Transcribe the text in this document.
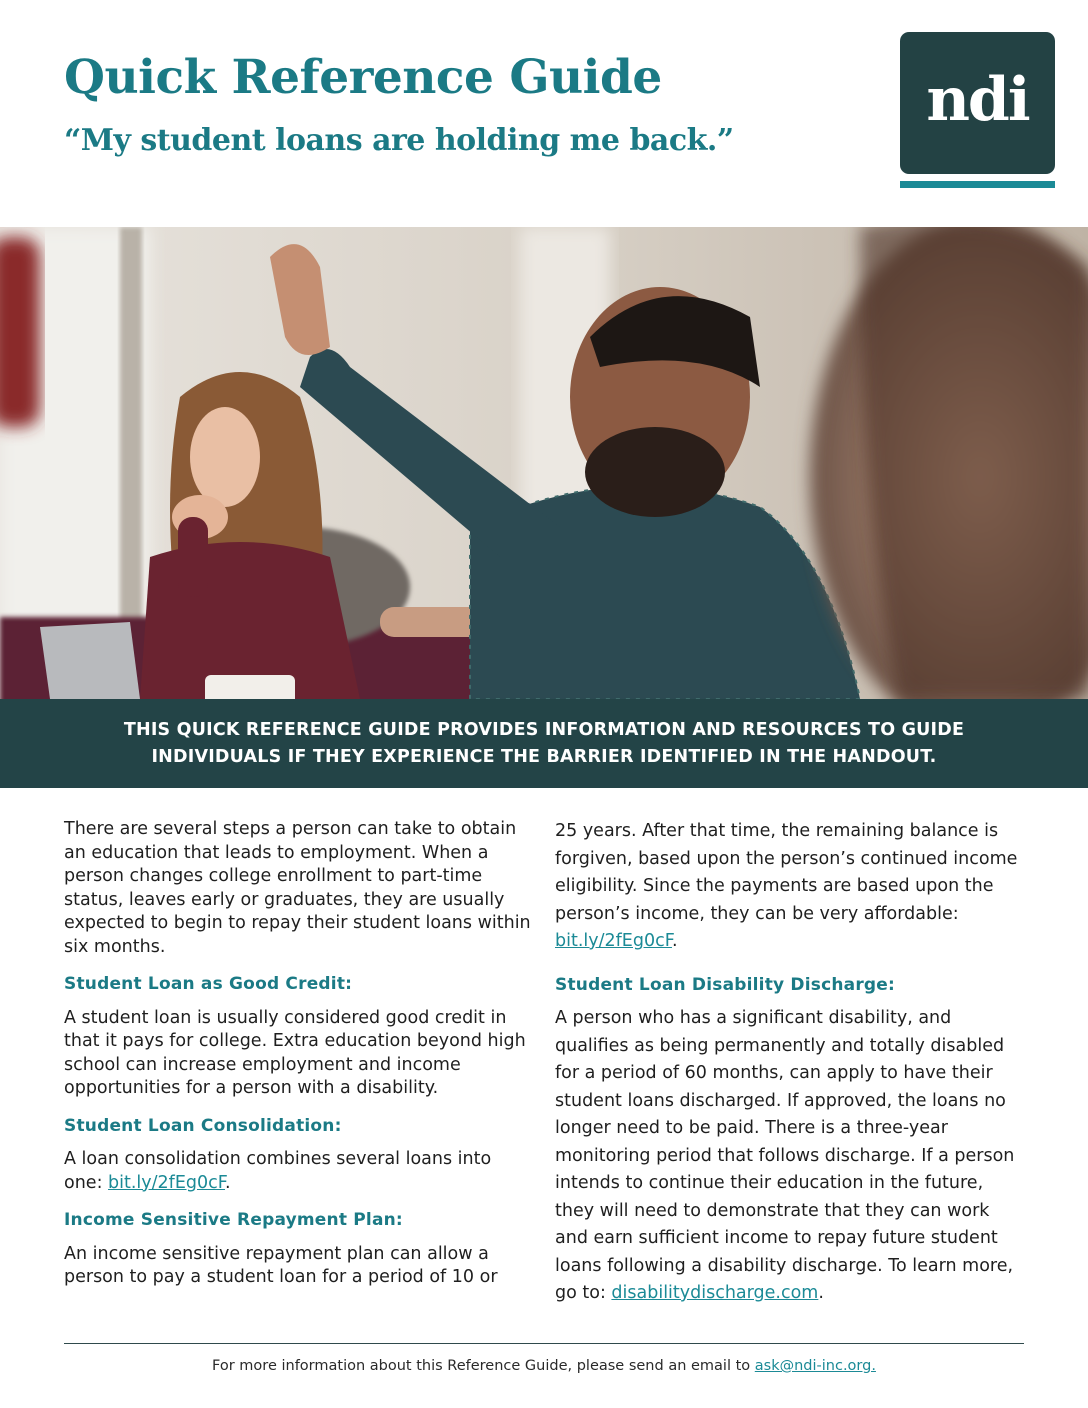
Quick Reference Guide
“My student loans are holding me back.”
ndi
THIS QUICK REFERENCE GUIDE PROVIDES INFORMATION AND RESOURCES TO GUIDE
INDIVIDUALS IF THEY EXPERIENCE THE BARRIER IDENTIFIED IN THE HANDOUT.

There are several steps a person can take to obtain an education that leads to employment. When a person changes college enrollment to part-time status, leaves early or graduates, they are usually expected to begin to repay their student loans within six months.

Student Loan as Good Credit:

A student loan is usually considered good credit in that it pays for college. Extra education beyond high school can increase employment and income opportunities for a person with a disability.

Student Loan Consolidation:

A loan consolidation combines several loans into one: bit.ly/2fEg0cF.

Income Sensitive Repayment Plan:

An income sensitive repayment plan can allow a person to pay a student loan for a period of 10 or

25 years. After that time, the remaining balance is forgiven, based upon the person’s continued income eligibility. Since the payments are based upon the person’s income, they can be very affordable: bit.ly/2fEg0cF.

Student Loan Disability Discharge:

A person who has a significant disability, and qualifies as being permanently and totally disabled for a period of 60 months, can apply to have their student loans discharged. If approved, the loans no longer need to be paid. There is a three-year monitoring period that follows discharge. If a person intends to continue their education in the future, they will need to demonstrate that they can work and earn sufficient income to repay future student loans following a disability discharge. To learn more, go to: disabilitydischarge.com.

For more information about this Reference Guide, please send an email to ask@ndi-inc.org.
